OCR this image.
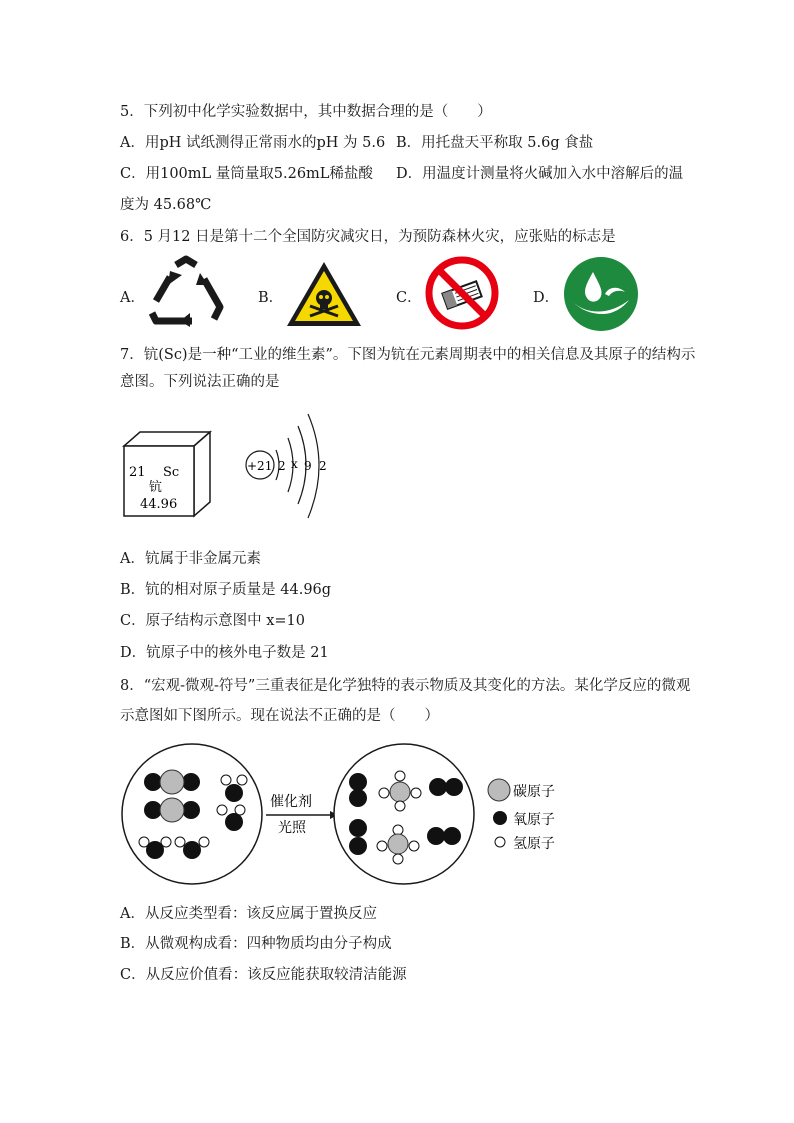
5．下列初中化学实验数据中，其中数据合理的是（　　）
A．用pH 试纸测得正常雨水的pH 为 5.6 B．用托盘天平称取 5.6g 食盐
C．用100mL 量筒量取5.26mL稀盐酸 D．用温度计测量将火碱加入水中溶解后的温
度为 45.68℃
6．5 月12 日是第十二个全国防灾减灾日，为预防森林火灾，应张贴的标志是
A．	B．	C．	D．
7．钪(Sc)是一种“工业的维生素”。下图为钪在元素周期表中的相关信息及其原子的结构示
意图。下列说法正确的是
21 Sc
钪
44.96
+21 2 x 9 2
A．钪属于非金属元素
B．钪的相对原子质量是 44.96g
C．原子结构示意图中 x=10
D．钪原子中的核外电子数是 21
8．“宏观-微观-符号”三重表征是化学独特的表示物质及其变化的方法。某化学反应的微观
示意图如下图所示。现在说法不正确的是（　　）
催化剂
光照
碳原子
氧原子
氢原子
A．从反应类型看：该反应属于置换反应
B．从微观构成看：四种物质均由分子构成
C．从反应价值看：该反应能获取较清洁能源
